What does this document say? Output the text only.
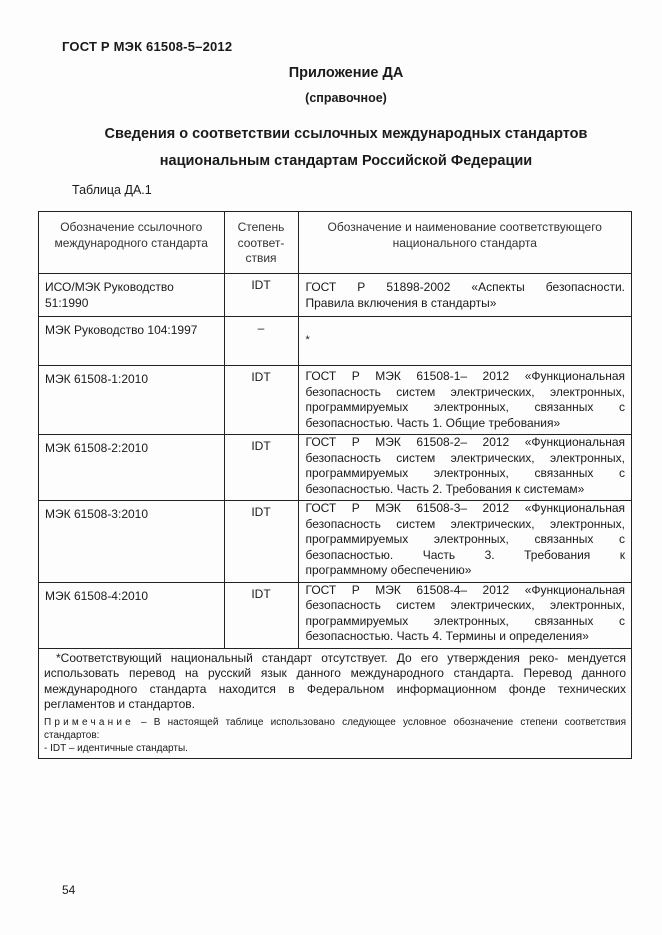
ГОСТ Р МЭК 61508-5–2012
Приложение ДА
(справочное)
Сведения о соответствии ссылочных международных стандартов
национальным стандартам Российской Федерации
Таблица ДА.1
Обозначение ссылочного международного стандарта	Степень соответ- ствия	Обозначение и наименование соответствующего национального стандарта
ИСО/МЭК Руководство 51:1990	IDT	ГОСТ Р 51898-2002 «Аспекты безопасности.
Правила включения в стандарты»

МЭК Руководство 104:1997	–	*
МЭК 61508-1:2010	IDT	ГОСТ Р МЭК 61508-1– 2012 «Функциональная
безопасность систем электрических, электронных,
программируемых электронных, связанных с
безопасностью. Часть 1. Общие требования»

МЭК 61508-2:2010	IDT	ГОСТ Р МЭК 61508-2– 2012 «Функциональная
безопасность систем электрических, электронных,
программируемых электронных, связанных с
безопасностью. Часть 2. Требования к системам»

МЭК 61508-3:2010	IDT	ГОСТ Р МЭК 61508-3– 2012 «Функциональная
безопасность систем электрических, электронных,
программируемых электронных, связанных с
безопасностью. Часть 3. Требования к
программному обеспечению»

МЭК 61508-4:2010	IDT	ГОСТ Р МЭК 61508-4– 2012 «Функциональная
безопасность систем электрических, электронных,
программируемых электронных, связанных с
безопасностью. Часть 4. Термины и определения»

*Соответствующий национальный стандарт отсутствует. До его утверждения реко- мендуется использовать перевод на русский язык данного международного стандарта. Перевод данного международного стандарта находится в Федеральном информационном фонде технических регламентов и стандартов.

Примечание – В настоящей таблице использовано следующее условное обозначение степени соответствия стандартов:

- IDT – идентичные стандарты.		

54
